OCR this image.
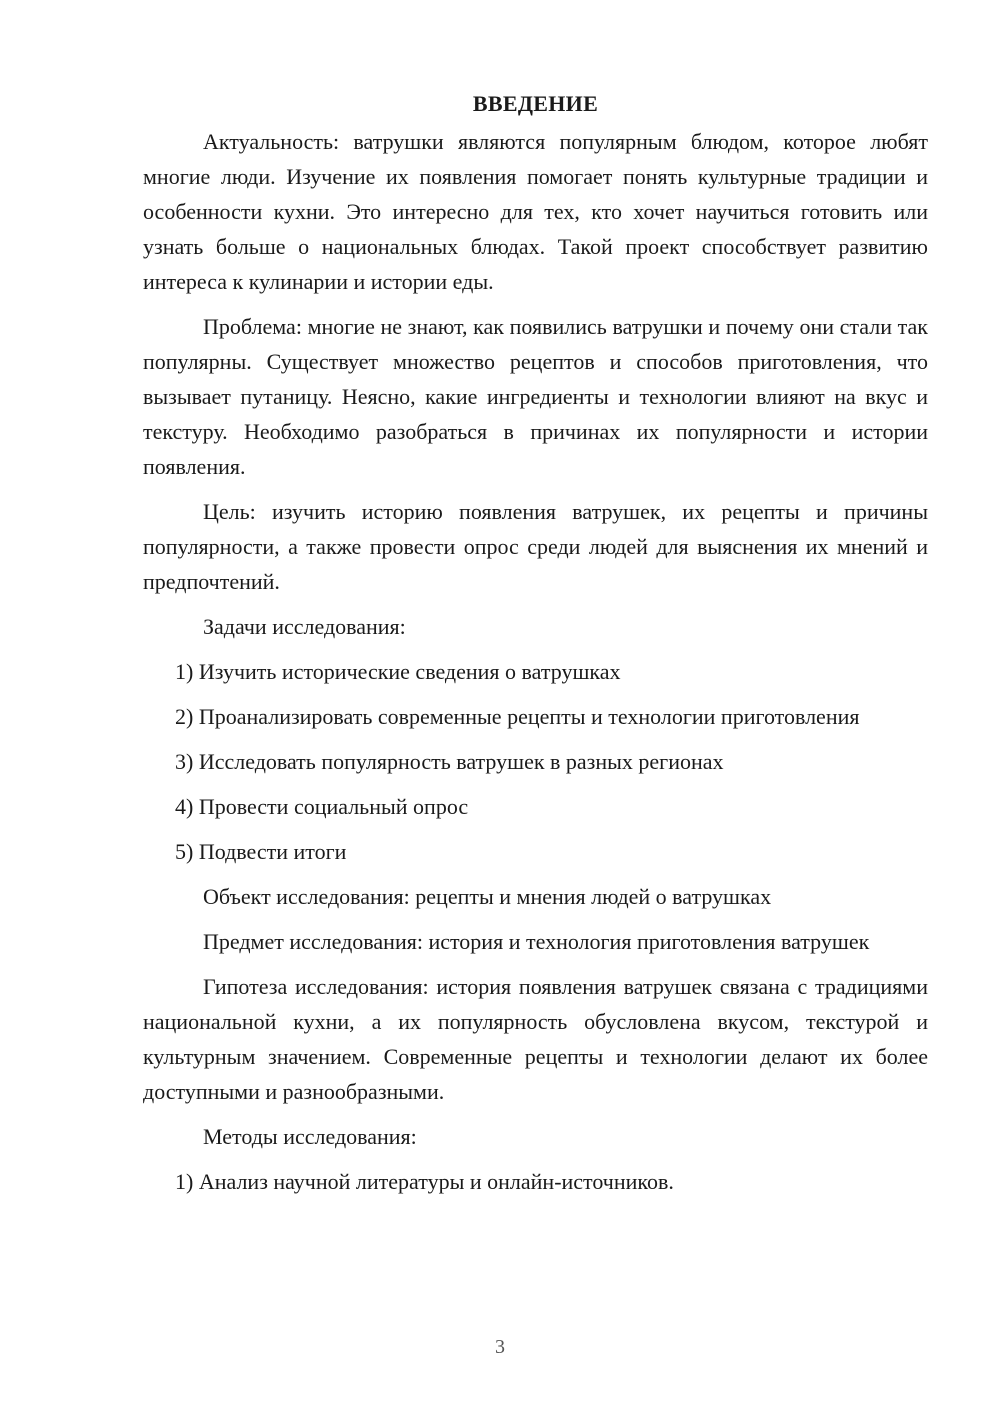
ВВЕДЕНИЕ

Актуальность: ватрушки являются популярным блюдом, которое любят многие люди. Изучение их появления помогает понять культурные традиции и особенности кухни. Это интересно для тех, кто хочет научиться готовить или узнать больше о национальных блюдах. Такой проект способствует развитию интереса к кулинарии и истории еды.

Проблема: многие не знают, как появились ватрушки и почему они стали так популярны. Существует множество рецептов и способов приготовления, что вызывает путаницу. Неясно, какие ингредиенты и технологии влияют на вкус и текстуру. Необходимо разобраться в причинах их популярности и истории появления.

Цель: изучить историю появления ватрушек, их рецепты и причины популярности, а также провести опрос среди людей для выяснения их мнений и предпочтений.

Задачи исследования:

1) Изучить исторические сведения о ватрушках

2) Проанализировать современные рецепты и технологии приготовления

3) Исследовать популярность ватрушек в разных регионах

4) Провести социальный опрос

5) Подвести итоги

Объект исследования: рецепты и мнения людей о ватрушках

Предмет исследования: история и технология приготовления ватрушек

Гипотеза исследования: история появления ватрушек связана с традициями национальной кухни, а их популярность обусловлена вкусом, текстурой и культурным значением. Современные рецепты и технологии делают их более доступными и разнообразными.

Методы исследования:

1) Анализ научной литературы и онлайн-источников.

3
